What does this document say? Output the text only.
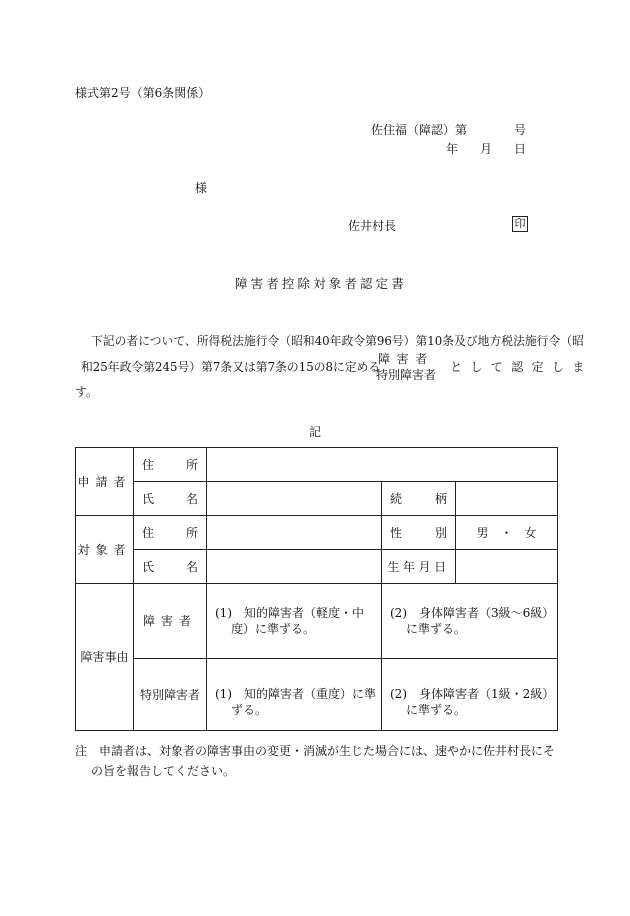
様式第2号（第6条関係）
佐住福（障認）第	号
年 月 日
様
佐井村長	印
障害者控除対象者認定書
下記の者について、所得税法施行令（昭和40年政令第96号）第10条及び地方税法施行令（昭
和25年政令第245号）第7条又は第7条の15の8に定める
障害者
特別障害者
として認定しま
す。
記
申請者	住 所			

	氏 名		続 柄	

対象者	住 所		性 別	男　・　女

	氏 名		生年月日	
障害事由	障害者	(1)　知的障害者（軽度・中度）に準ずる。	(2)　身体障害者（3級～6級）に準ずる。	

	特別障害者	(1)　知的障害者（重度）に準ずる。	(2)　身体障害者（1級・2級）に準ずる。	
注　申請者は、対象者の障害事由の変更・消滅が生じた場合には、速やかに佐井村長にそ
の旨を報告してください。
